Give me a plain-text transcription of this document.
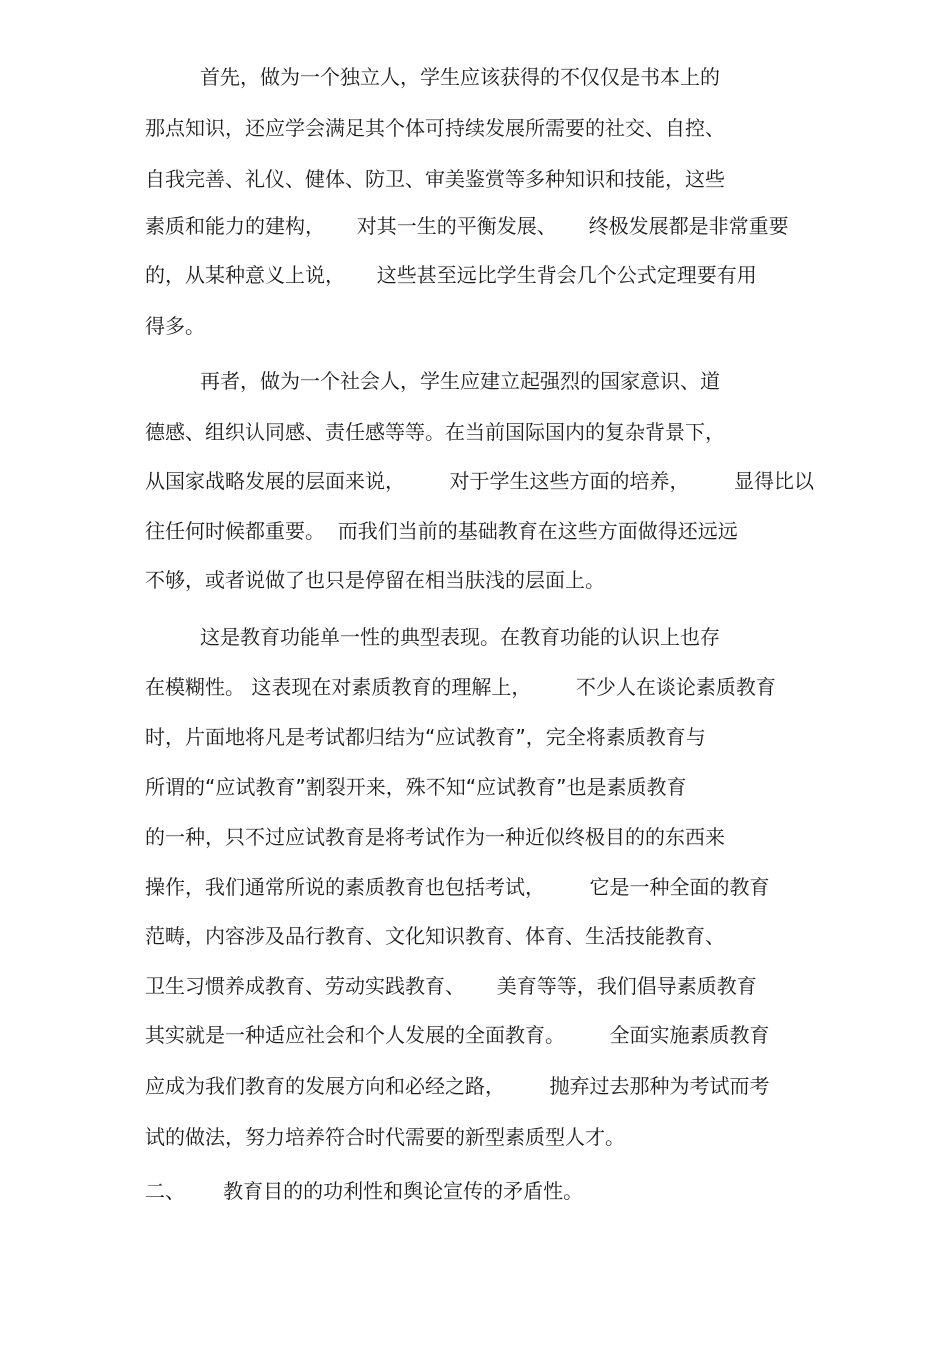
首先，做为一个独立人，学生应该获得的不仅仅是书本上的
那点知识，还应学会满足其个体可持续发展所需要的社交、自控、
自我完善、礼仪、健体、防卫、审美鉴赏等多种知识和技能，这些
素质和能力的建构，     对其一生的平衡发展、     终极发展都是非常重要
的，从某种意义上说，     这些甚至远比学生背会几个公式定理要有用
得多。
再者，做为一个社会人，学生应建立起强烈的国家意识、道
德感、组织认同感、责任感等等。在当前国际国内的复杂背景下，
从国家战略发展的层面来说，       对于学生这些方面的培养，       显得比以
往任何时候都重要。  而我们当前的基础教育在这些方面做得还远远
不够，或者说做了也只是停留在相当肤浅的层面上。
这是教育功能单一性的典型表现。在教育功能的认识上也存
在模糊性。 这表现在对素质教育的理解上，       不少人在谈论素质教育
时，片面地将凡是考试都归结为“应试教育”，完全将素质教育与
所谓的“应试教育”割裂开来，殊不知“应试教育”也是素质教育
的一种，只不过应试教育是将考试作为一种近似终极目的的东西来
操作，我们通常所说的素质教育也包括考试，       它是一种全面的教育
范畴，内容涉及品行教育、文化知识教育、体育、生活技能教育、
卫生习惯养成教育、劳动实践教育、     美育等等，我们倡导素质教育
其实就是一种适应社会和个人发展的全面教育。       全面实施素质教育
应成为我们教育的发展方向和必经之路，       抛弃过去那种为考试而考
试的做法，努力培养符合时代需要的新型素质型人才。
二、      教育目的的功利性和舆论宣传的矛盾性。
